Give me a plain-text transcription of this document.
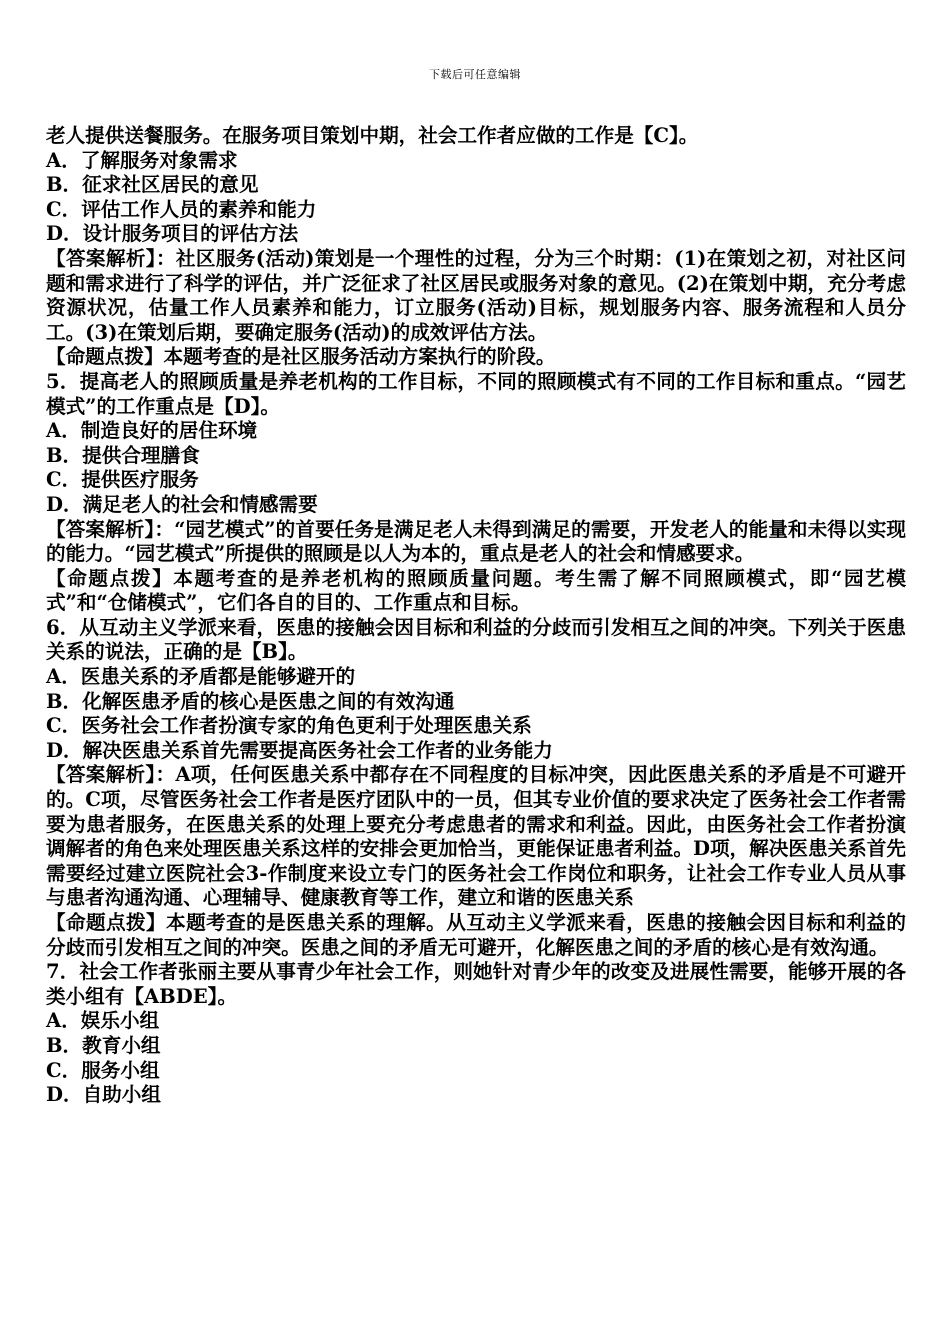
下载后可任意编辑

老人提供送餐服务。在服务项目策划中期，社会工作者应做的工作是【C】。

A．了解服务对象需求

B．征求社区居民的意见

C．评估工作人员的素养和能力

D．设计服务项目的评估方法

【答案解析】：社区服务(活动)策划是一个理性的过程，分为三个时期：(1)在策划之初，对社区问题和需求进行了科学的评估，并广泛征求了社区居民或服务对象的意见。(2)在策划中期，充分考虑资源状况，估量工作人员素养和能力，订立服务(活动)目标，规划服务内容、服务流程和人员分工。(3)在策划后期，要确定服务(活动)的成效评估方法。

【命题点拨】本题考查的是社区服务活动方案执行的阶段。

5．提高老人的照顾质量是养老机构的工作目标，不同的照顾模式有不同的工作目标和重点。“园艺模式”的工作重点是【D】。

A．制造良好的居住环境

B．提供合理膳食

C．提供医疗服务

D．满足老人的社会和情感需要

【答案解析】：“园艺模式”的首要任务是满足老人未得到满足的需要，开发老人的能量和未得以实现的能力。“园艺模式”所提供的照顾是以人为本的，重点是老人的社会和情感要求。

【命题点拨】本题考查的是养老机构的照顾质量问题。考生需了解不同照顾模式，即“园艺模式”和“仓储模式”，它们各自的目的、工作重点和目标。

6．从互动主义学派来看，医患的接触会因目标和利益的分歧而引发相互之间的冲突。下列关于医患关系的说法，正确的是【B】。

A．医患关系的矛盾都是能够避开的

B．化解医患矛盾的核心是医患之间的有效沟通

C．医务社会工作者扮演专家的角色更利于处理医患关系

D．解决医患关系首先需要提高医务社会工作者的业务能力

【答案解析】：A项，任何医患关系中都存在不同程度的目标冲突，因此医患关系的矛盾是不可避开的。C项，尽管医务社会工作者是医疗团队中的一员，但其专业价值的要求决定了医务社会工作者需要为患者服务，在医患关系的处理上要充分考虑患者的需求和利益。因此，由医务社会工作者扮演调解者的角色来处理医患关系这样的安排会更加恰当，更能保证患者利益。D项，解决医患关系首先需要经过建立医院社会3-作制度来设立专门的医务社会工作岗位和职务，让社会工作专业人员从事与患者沟通沟通、心理辅导、健康教育等工作，建立和谐的医患关系

【命题点拨】本题考查的是医患关系的理解。从互动主义学派来看，医患的接触会因目标和利益的分歧而引发相互之间的冲突。医患之间的矛盾无可避开，化解医患之间的矛盾的核心是有效沟通。

7．社会工作者张丽主要从事青少年社会工作，则她针对青少年的改变及进展性需要，能够开展的各类小组有【ABDE】。

A．娱乐小组

B．教育小组

C．服务小组

D．自助小组
